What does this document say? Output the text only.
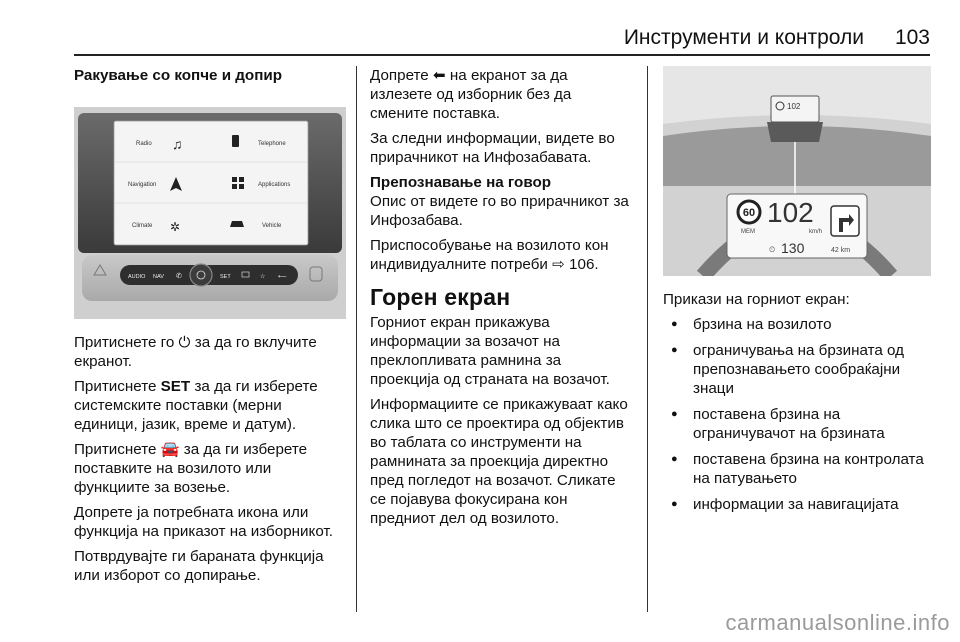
Инструменти и контроли 103
Ракување со копче и допир
Radio ♫	Telephone
Navigation	Applications
Climate ✲	Vehicle
AUDIO NAV ✆	SET	☆ ⟵

Притиснете го ⏻ за да го вклучите екранот.

Притиснете SET за да ги изберете системските поставки (мерни единици, јазик, време и датум).

Притиснете 🚘 за да ги изберете поставките на возилото или функциите за возење.

Допрете ја потребната икона или функција на приказот на изборникот.

Потврдувајте ги бараната функција или изборот со допирање.

Допрете ⬅ на екранот за да излезете од изборник без да смените поставка.

За следни информации, видете во прирачникот на Инфозабавата.

Препознавање на говор

Опис от видете го во прирачникот за Инфозабава.

Приспособување на возилото кон индивидуалните потреби ⇨ 106.

Горен екран

Горниот екран прикажува информации за возачот на преклопливата рамнина за проекција од страната на возачот.

Информациите се прикажуваат како слика што се проектира од објектив во таблата со инструменти на рамнината за проекција директно пред погледот на возачот. Сликате се појавува фокусирана кон предниот дел од возилото.

102
60
MEM
102
km/h
⏲ 130	42 km

Прикази на горниот екран:

● брзина на возилото
● ограничувања на брзината од препознавањето сообраќајни знаци
● поставена брзина на ограничувачот на брзината
● поставена брзина на контролата на патувањето
● информации за навигацијата
carmanualsonline.info
